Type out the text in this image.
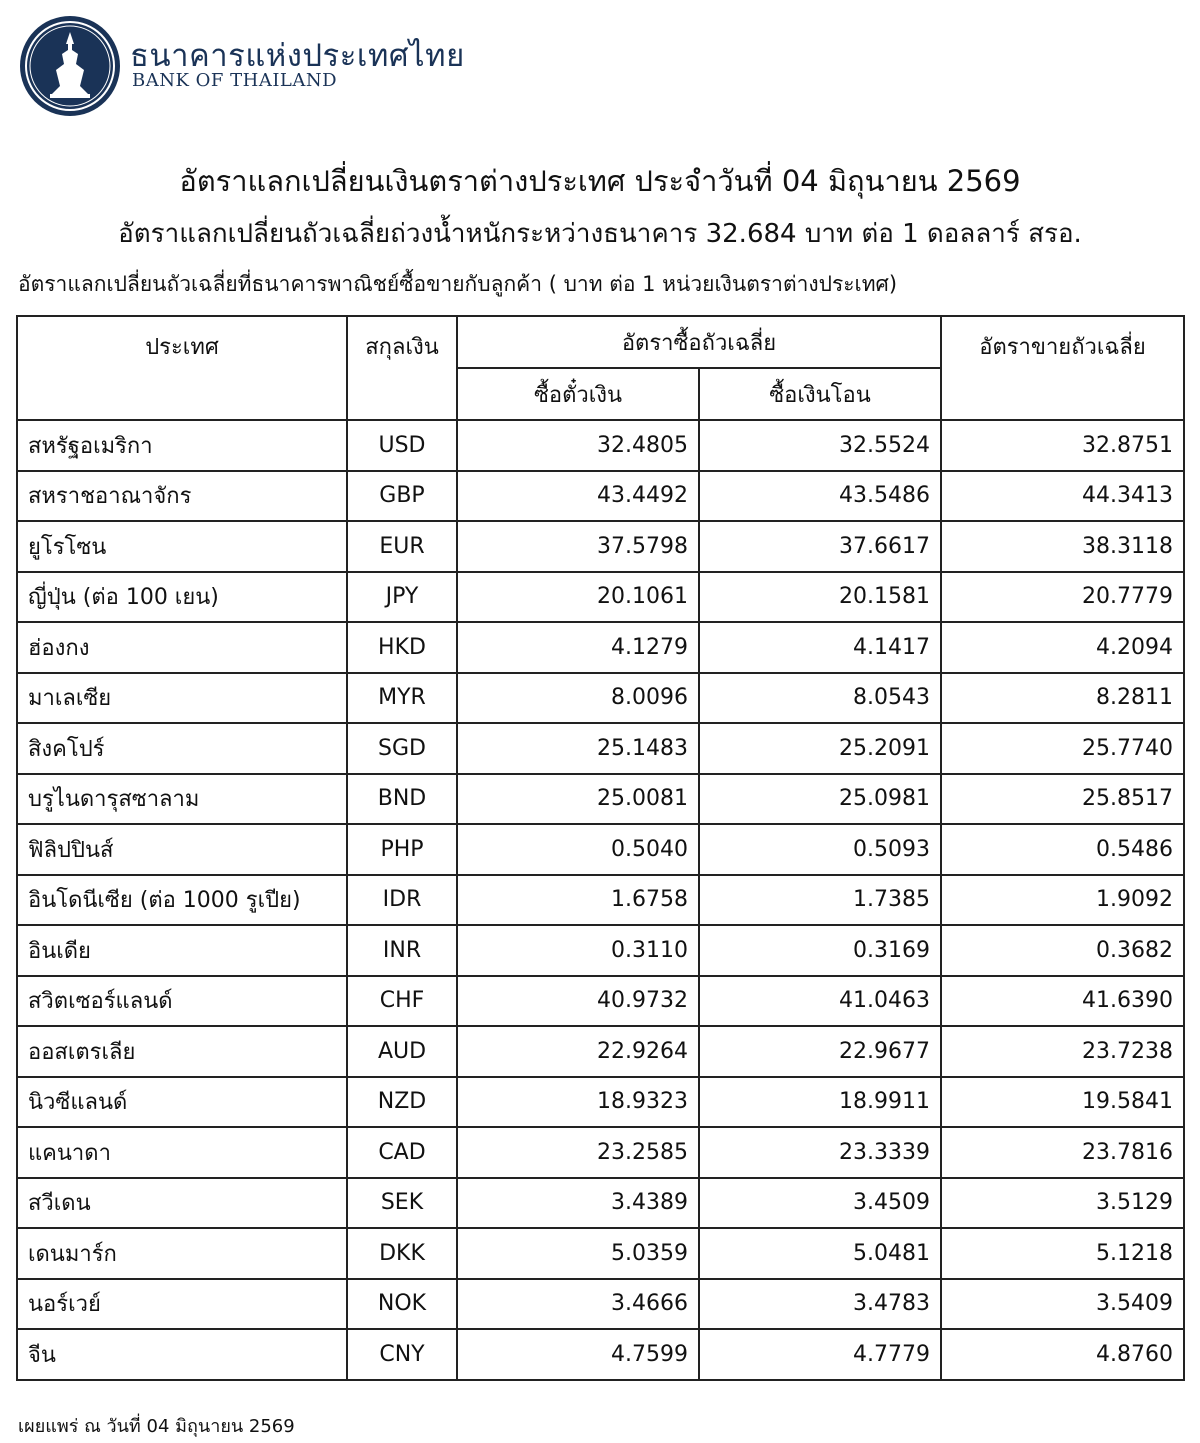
ธนาคารแห่งประเทศไทย
BANK OF THAILAND
อัตราแลกเปลี่ยนเงินตราต่างประเทศ ประจำวันที่ 04 มิถุนายน 2569
อัตราแลกเปลี่ยนถัวเฉลี่ยถ่วงน้ำหนักระหว่างธนาคาร 32.684 บาท ต่อ 1 ดอลลาร์ สรอ.
อัตราแลกเปลี่ยนถัวเฉลี่ยที่ธนาคารพาณิชย์ซื้อขายกับลูกค้า ( บาท ต่อ 1 หน่วยเงินตราต่างประเทศ)
ประเทศ	สกุลเงิน	อัตราซื้อถัวเฉลี่ย		อัตราขายถัวเฉลี่ย
		ซื้อตั๋วเงิน	ซื้อเงินโอน	
สหรัฐอเมริกา	USD	32.4805	32.5524	32.8751
สหราชอาณาจักร	GBP	43.4492	43.5486	44.3413
ยูโรโซน	EUR	37.5798	37.6617	38.3118
ญี่ปุ่น (ต่อ 100 เยน)	JPY	20.1061	20.1581	20.7779
ฮ่องกง	HKD	4.1279	4.1417	4.2094
มาเลเซีย	MYR	8.0096	8.0543	8.2811
สิงคโปร์	SGD	25.1483	25.2091	25.7740
บรูไนดารุสซาลาม	BND	25.0081	25.0981	25.8517
ฟิลิปปินส์	PHP	0.5040	0.5093	0.5486
อินโดนีเซีย (ต่อ 1000 รูเปีย)	IDR	1.6758	1.7385	1.9092
อินเดีย	INR	0.3110	0.3169	0.3682
สวิตเซอร์แลนด์	CHF	40.9732	41.0463	41.6390
ออสเตรเลีย	AUD	22.9264	22.9677	23.7238
นิวซีแลนด์	NZD	18.9323	18.9911	19.5841
แคนาดา	CAD	23.2585	23.3339	23.7816
สวีเดน	SEK	3.4389	3.4509	3.5129
เดนมาร์ก	DKK	5.0359	5.0481	5.1218
นอร์เวย์	NOK	3.4666	3.4783	3.5409
จีน	CNY	4.7599	4.7779	4.8760
เผยแพร่ ณ วันที่ 04 มิถุนายน 2569
